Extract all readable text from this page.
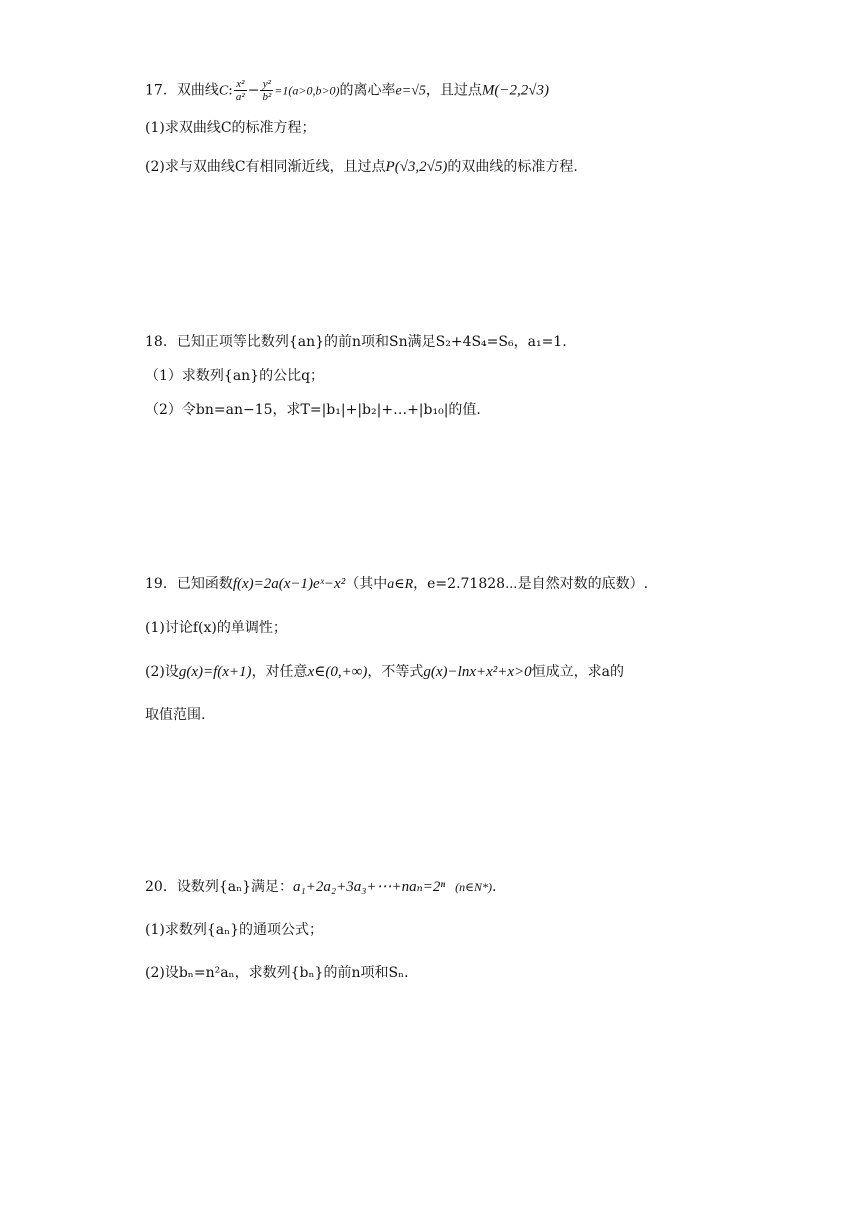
17．双曲线C: $\frac{\text{x²}}{\text{a²}} - \frac{\text{y²}}{\text{b²}} =1(a>0,b>0)$的离心率e=√5，且过点M(−2,2√3)
(1)求双曲线C的标准方程；
(2)求与双曲线C有相同渐近线，且过点P(√3,2√5)的双曲线的标准方程.
18．已知正项等比数列{an}的前n项和Sn满足S₂+4S₄=S₆，a₁=1.
（1）求数列{an}的公比q；
（2）令bn=an−15，求T=|b₁|+|b₂|+…+|b₁₀|的值.
19．已知函数f(x)=2a(x−1)eˣ−x²（其中a∈R，e=2.71828⋯是自然对数的底数）.
(1)讨论f(x)的单调性；
(2)设g(x)=f(x+1)，对任意x∈(0,+∞)，不等式g(x)−lnx+x²+x>0恒成立，求a的
取值范围.
20．设数列{aₙ}满足：a₁+2a₂+3a₃+⋯+naₙ=2ⁿ (n∈N*).
(1)求数列{aₙ}的通项公式；
(2)设bₙ=n²aₙ，求数列{bₙ}的前n项和Sₙ.
